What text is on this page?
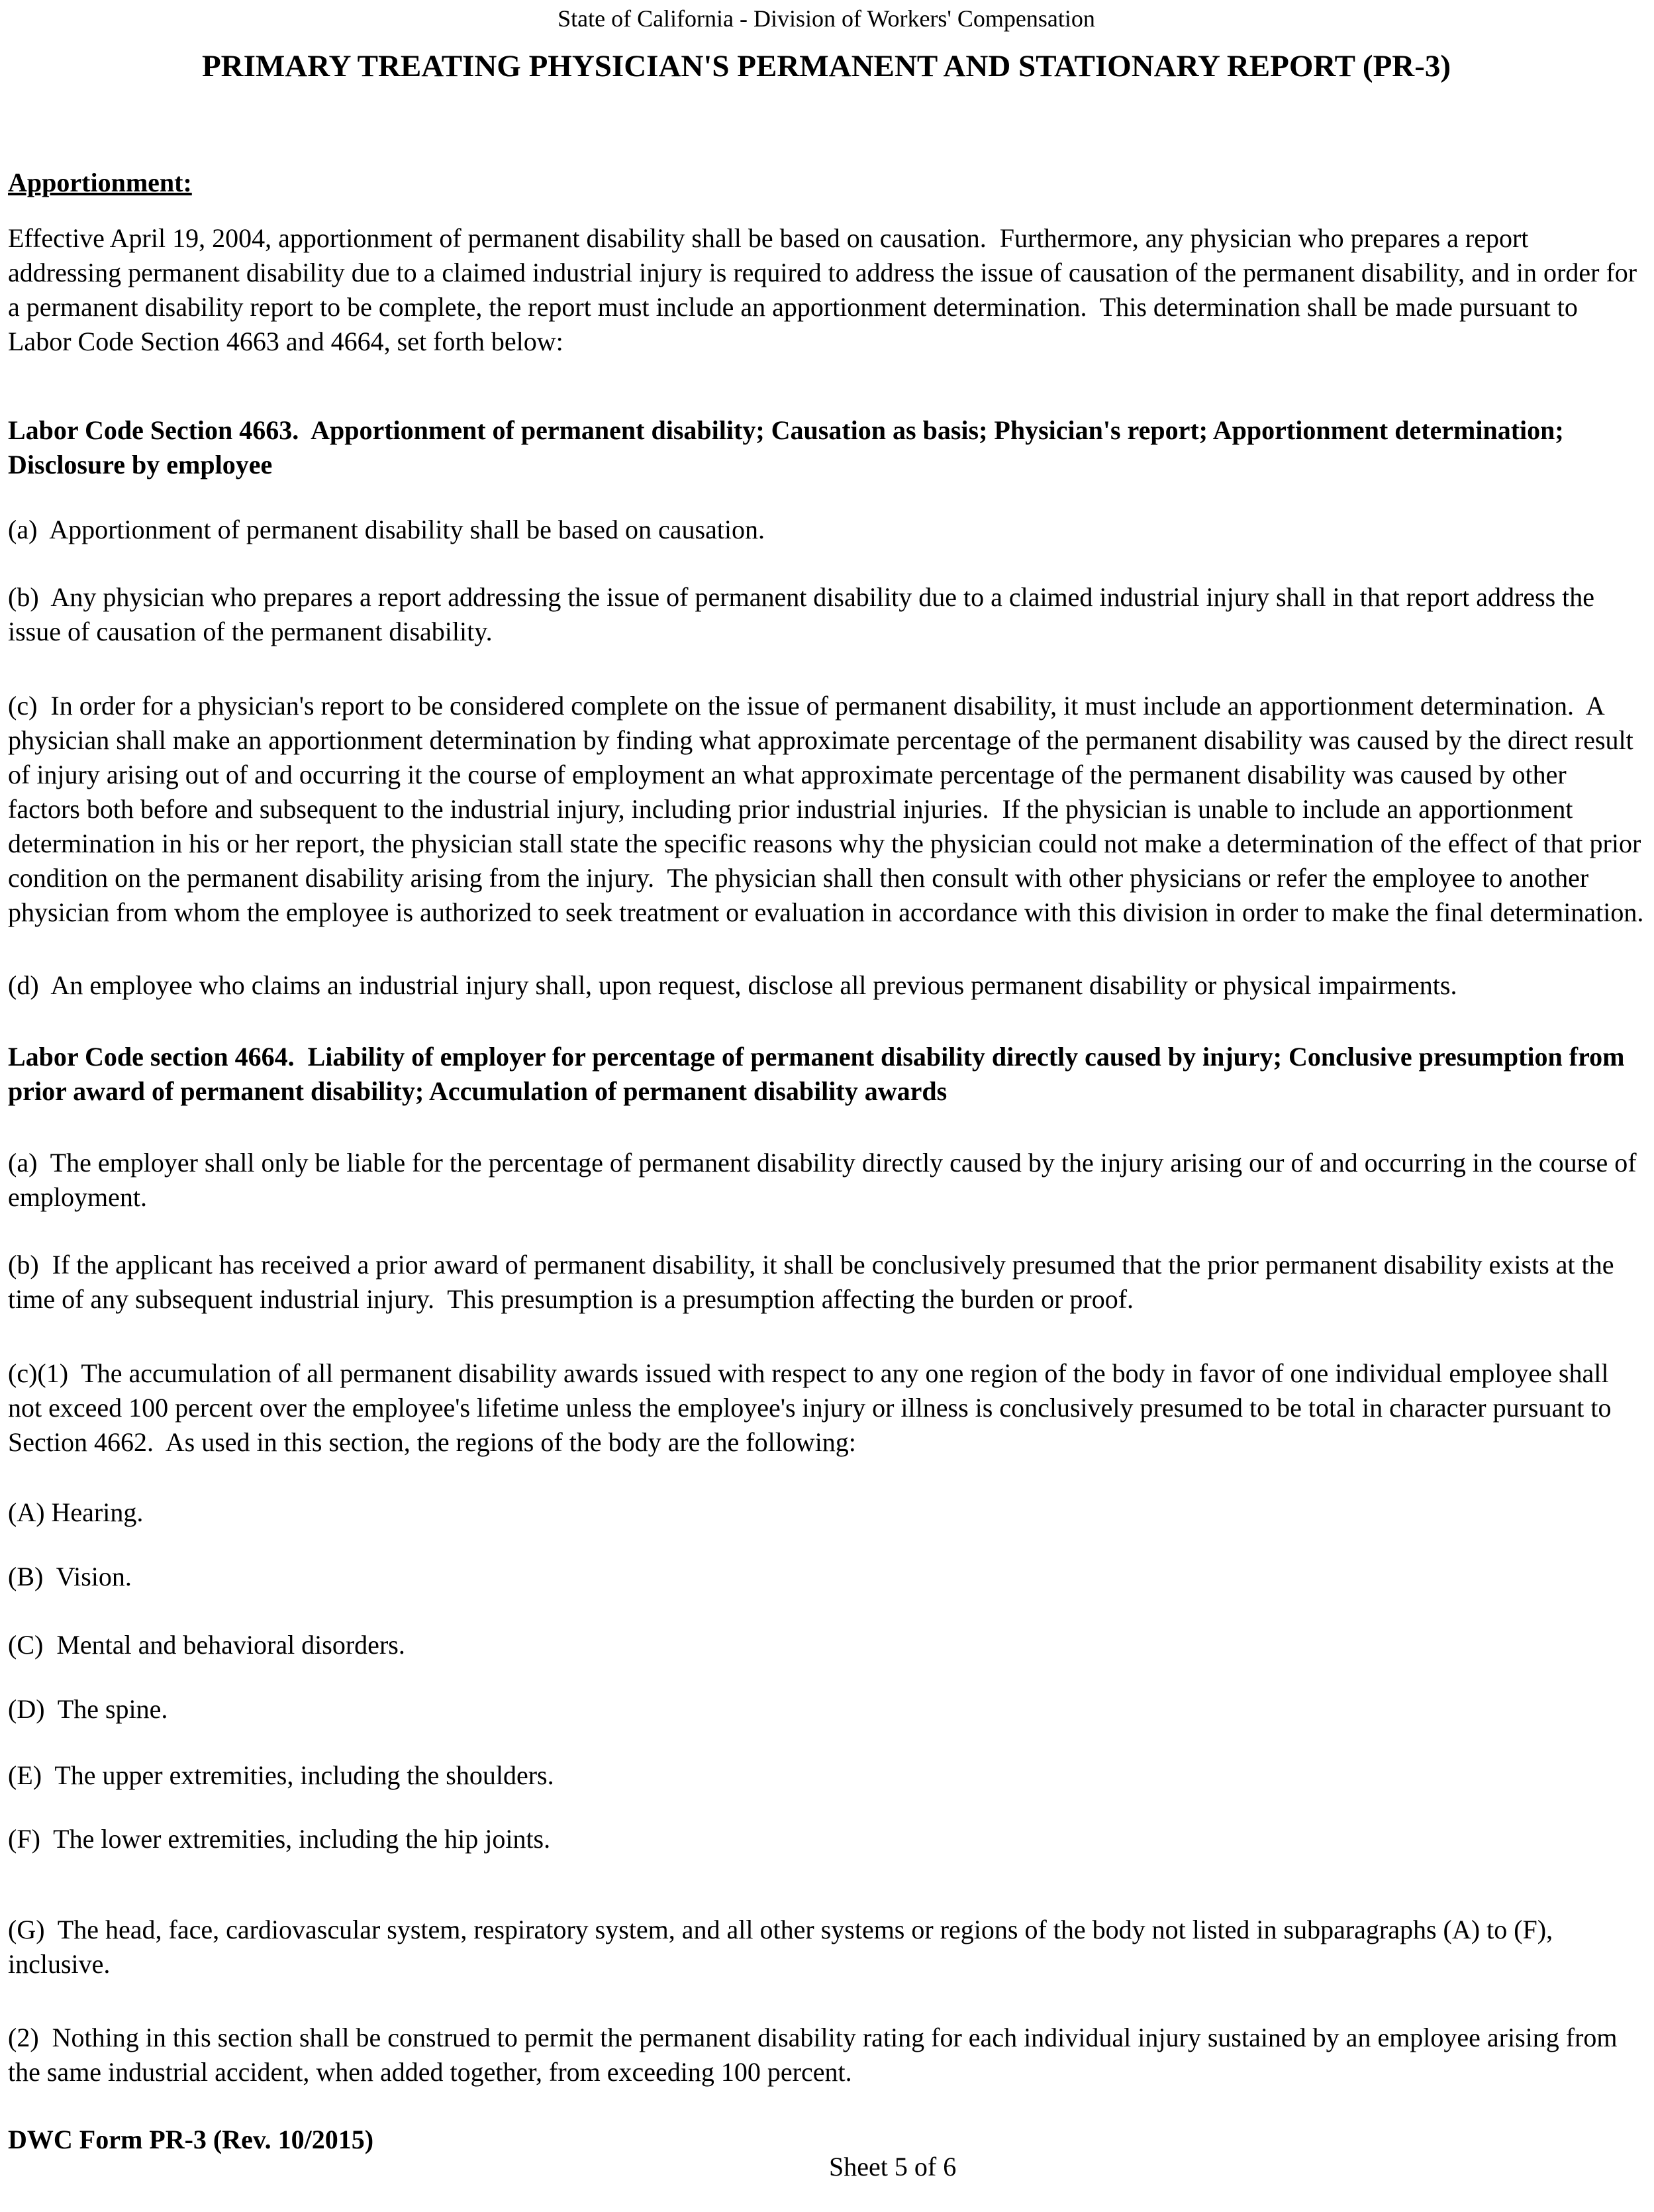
State of California - Division of Workers' Compensation
PRIMARY TREATING PHYSICIAN'S PERMANENT AND STATIONARY REPORT (PR-3)
Apportionment:
Effective April 19, 2004, apportionment of permanent disability shall be based on causation.  Furthermore, any physician who prepares a report addressing permanent disability due to a claimed industrial injury is required to address the issue of causation of the permanent disability, and in order for a permanent disability report to be complete, the report must include an apportionment determination.  This determination shall be made pursuant to Labor Code Section 4663 and 4664, set forth below:
Labor Code Section 4663.  Apportionment of permanent disability; Causation as basis; Physician's report; Apportionment determination; Disclosure by employee
(a)  Apportionment of permanent disability shall be based on causation.
(b)  Any physician who prepares a report addressing the issue of permanent disability due to a claimed industrial injury shall in that report address the issue of causation of the permanent disability.
(c)  In order for a physician's report to be considered complete on the issue of permanent disability, it must include an apportionment determination.  A physician shall make an apportionment determination by finding what approximate percentage of the permanent disability was caused by the direct result of injury arising out of and occurring it the course of employment an what approximate percentage of the permanent disability was caused by other factors both before and subsequent to the industrial injury, including prior industrial injuries.  If the physician is unable to include an apportionment determination in his or her report, the physician stall state the specific reasons why the physician could not make a determination of the effect of that prior condition on the permanent disability arising from the injury.  The physician shall then consult with other physicians or refer the employee to another physician from whom the employee is authorized to seek treatment or evaluation in accordance with this division in order to make the final determination.
(d)  An employee who claims an industrial injury shall, upon request, disclose all previous permanent disability or physical impairments.
Labor Code section 4664.  Liability of employer for percentage of permanent disability directly caused by injury; Conclusive presumption from prior award of permanent disability; Accumulation of permanent disability awards
(a)  The employer shall only be liable for the percentage of permanent disability directly caused by the injury arising our of and occurring in the course of employment.
(b)  If the applicant has received a prior award of permanent disability, it shall be conclusively presumed that the prior permanent disability exists at the time of any subsequent industrial injury.  This presumption is a presumption affecting the burden or proof.
(c)(1)  The accumulation of all permanent disability awards issued with respect to any one region of the body in favor of one individual employee shall not exceed 100 percent over the employee's lifetime unless the employee's injury or illness is conclusively presumed to be total in character pursuant to Section 4662.  As used in this section, the regions of the body are the following:
(A) Hearing.
(B)  Vision.
(C)  Mental and behavioral disorders.
(D)  The spine.
(E)  The upper extremities, including the shoulders.
(F)  The lower extremities, including the hip joints.
(G)  The head, face, cardiovascular system, respiratory system, and all other systems or regions of the body not listed in subparagraphs (A) to (F), inclusive.
(2)  Nothing in this section shall be construed to permit the permanent disability rating for each individual injury sustained by an employee arising from the same industrial accident, when added together, from exceeding 100 percent.
DWC Form PR-3 (Rev. 10/2015)
Sheet 5 of 6
